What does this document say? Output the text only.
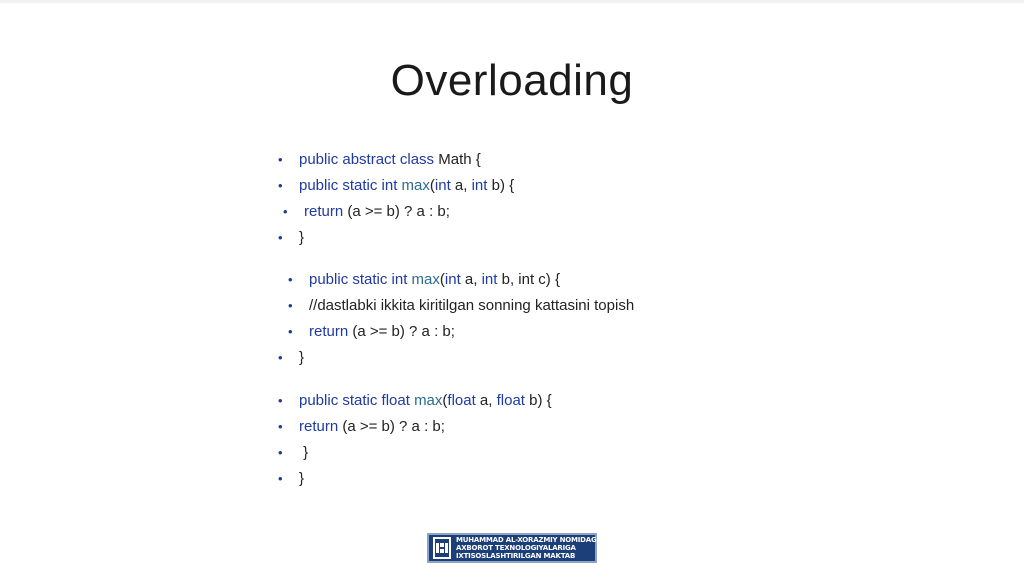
Overloading
• public abstract class Math {
• public static int max(int a, int b) {
• return (a >= b) ? a : b;
• }
• public static int max(int a, int b, int c) {
• //dastlabki ikkita kiritilgan sonning kattasini topish
• return (a >= b) ? a : b;
• }
• public static float max(float a, float b) {
• return (a >= b) ? a : b;
• }
• }
MUHAMMAD AL-XORAZMIY NOMIDAGI
AXBOROT TEXNOLOGIYALARIGA
IXTISOSLASHTIRILGAN MAKTAB
